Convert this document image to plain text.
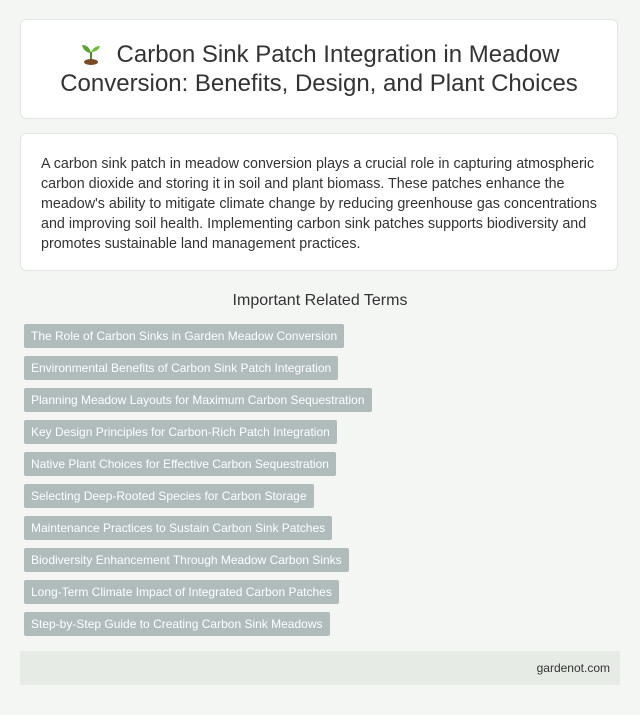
Carbon Sink Patch Integration in Meadow Conversion: Benefits, Design, and Plant Choices

A carbon sink patch in meadow conversion plays a crucial role in capturing atmospheric carbon dioxide and storing it in soil and plant biomass. These patches enhance the meadow's ability to mitigate climate change by reducing greenhouse gas concentrations and improving soil health. Implementing carbon sink patches supports biodiversity and promotes sustainable land management practices.

Important Related Terms
The Role of Carbon Sinks in Garden Meadow Conversion
Environmental Benefits of Carbon Sink Patch Integration
Planning Meadow Layouts for Maximum Carbon Sequestration
Key Design Principles for Carbon-Rich Patch Integration
Native Plant Choices for Effective Carbon Sequestration
Selecting Deep-Rooted Species for Carbon Storage
Maintenance Practices to Sustain Carbon Sink Patches
Biodiversity Enhancement Through Meadow Carbon Sinks
Long-Term Climate Impact of Integrated Carbon Patches
Step-by-Step Guide to Creating Carbon Sink Meadows
gardenot.com
